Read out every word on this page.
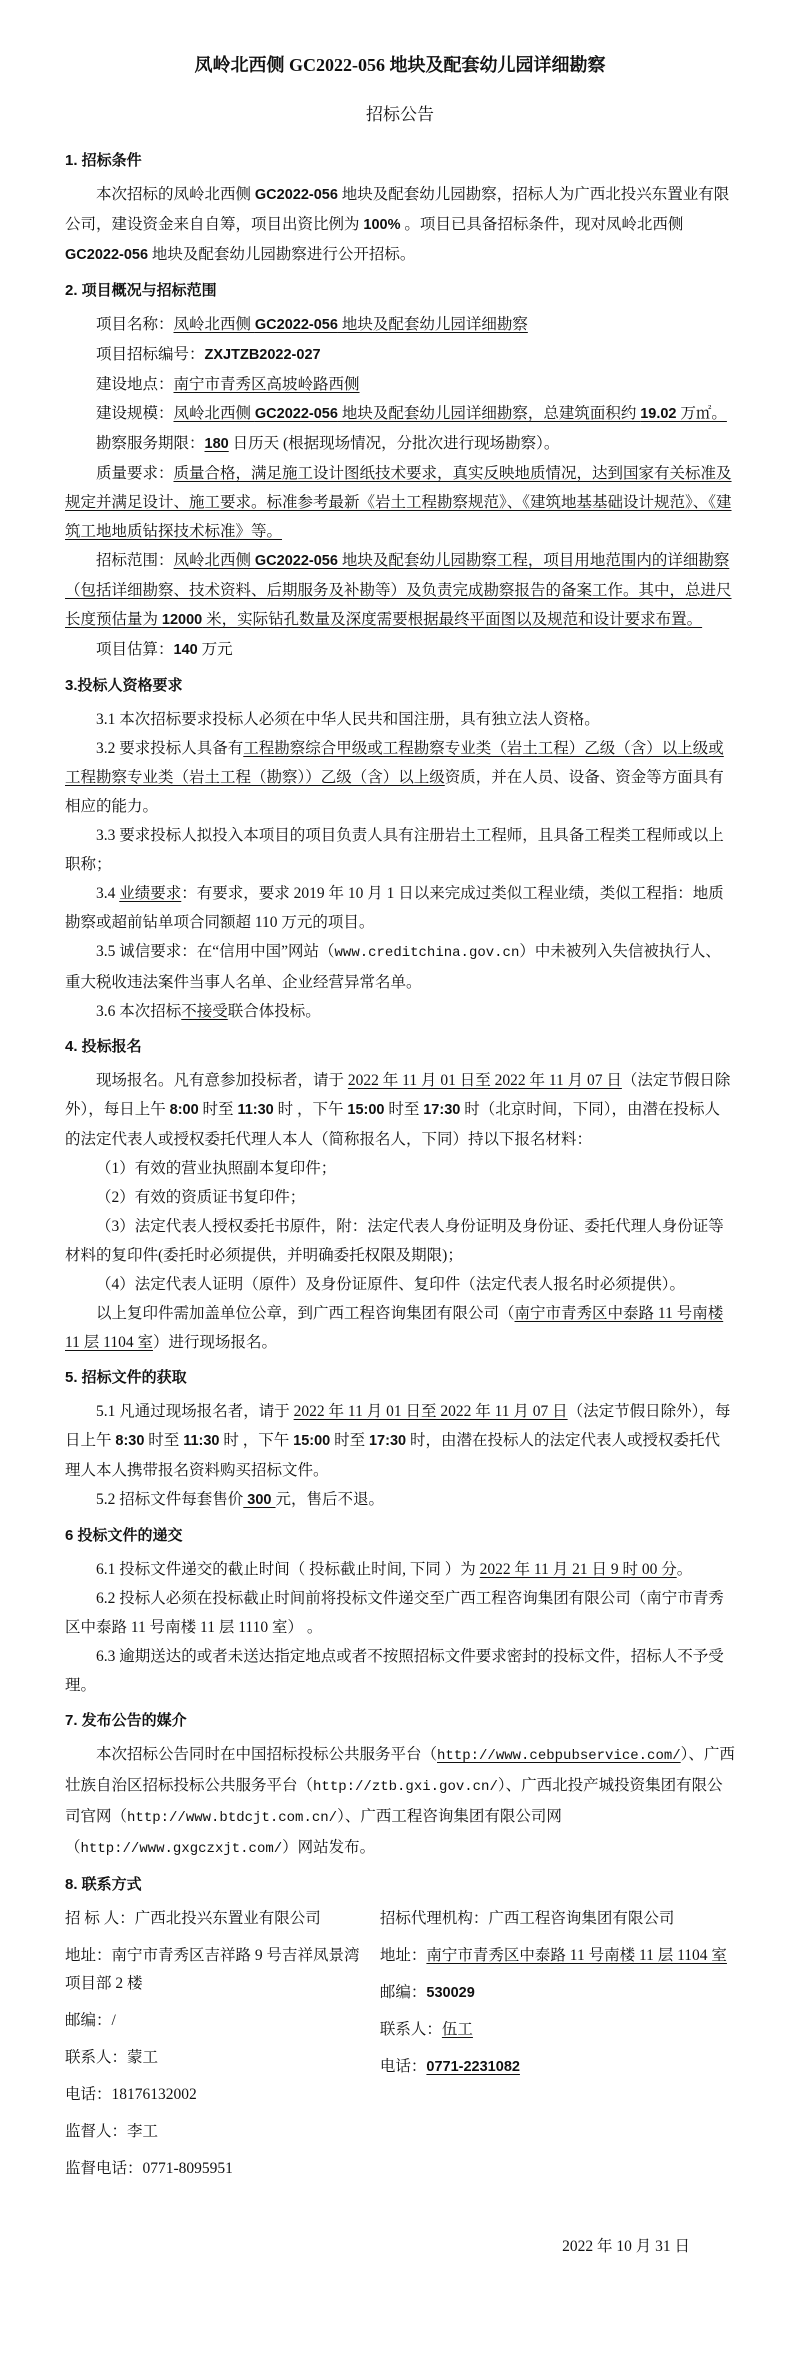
凤岭北西侧 GC2022-056 地块及配套幼儿园详细勘察
招标公告

1. 招标条件

本次招标的凤岭北西侧 GC2022-056 地块及配套幼儿园勘察，招标人为广西北投兴东置业有限公司，建设资金来自自筹，项目出资比例为 100% 。项目已具备招标条件，现对凤岭北西侧 GC2022-056 地块及配套幼儿园勘察进行公开招标。

2. 项目概况与招标范围

项目名称：凤岭北西侧 GC2022-056 地块及配套幼儿园详细勘察

项目招标编号：ZXJTZB2022-027

建设地点：南宁市青秀区高坡岭路西侧

建设规模：凤岭北西侧 GC2022-056 地块及配套幼儿园详细勘察，总建筑面积约 19.02 万㎡。

勘察服务期限：180 日历天 (根据现场情况，分批次进行现场勘察）。

质量要求：质量合格，满足施工设计图纸技术要求，真实反映地质情况，达到国家有关标准及规定并满足设计、施工要求。标准参考最新《岩土工程勘察规范》、《建筑地基基础设计规范》、《建筑工地地质钻探技术标准》等。

招标范围：凤岭北西侧 GC2022-056 地块及配套幼儿园勘察工程，项目用地范围内的详细勘察（包括详细勘察、技术资料、后期服务及补勘等）及负责完成勘察报告的备案工作。其中，总进尺长度预估量为 12000 米，实际钻孔数量及深度需要根据最终平面图以及规范和设计要求布置。

项目估算：140 万元

3.投标人资格要求

3.1 本次招标要求投标人必须在中华人民共和国注册，具有独立法人资格。

3.2 要求投标人具备有工程勘察综合甲级或工程勘察专业类（岩土工程）乙级（含）以上级或工程勘察专业类（岩土工程（勘察））乙级（含）以上级资质，并在人员、设备、资金等方面具有相应的能力。

3.3 要求投标人拟投入本项目的项目负责人具有注册岩土工程师，且具备工程类工程师或以上职称；

3.4 业绩要求：有要求，要求 2019 年 10 月 1 日以来完成过类似工程业绩，类似工程指：地质勘察或超前钻单项合同额超 110 万元的项目。

3.5 诚信要求：在“信用中国”网站（www.creditchina.gov.cn）中未被列入失信被执行人、重大税收违法案件当事人名单、企业经营异常名单。

3.6 本次招标不接受联合体投标。

4. 投标报名

现场报名。凡有意参加投标者，请于 2022 年 11 月 01 日至 2022 年 11 月 07 日（法定节假日除外），每日上午 8:00 时至 11:30 时 ，下午 15:00 时至 17:30 时（北京时间，下同），由潜在投标人的法定代表人或授权委托代理人本人（简称报名人，下同）持以下报名材料：

（1）有效的营业执照副本复印件；

（2）有效的资质证书复印件；

（3）法定代表人授权委托书原件，附：法定代表人身份证明及身份证、委托代理人身份证等材料的复印件(委托时必须提供，并明确委托权限及期限)；

（4）法定代表人证明（原件）及身份证原件、复印件（法定代表人报名时必须提供）。

以上复印件需加盖单位公章，到广西工程咨询集团有限公司（南宁市青秀区中泰路 11 号南楼 11 层 1104 室）进行现场报名。

5. 招标文件的获取

5.1 凡通过现场报名者，请于 2022 年 11 月 01 日至 2022 年 11 月 07 日（法定节假日除外），每日上午 8:30 时至 11:30 时 ，下午 15:00 时至 17:30 时，由潜在投标人的法定代表人或授权委托代理人本人携带报名资料购买招标文件。

5.2 招标文件每套售价 300 元，售后不退。

6 投标文件的递交

6.1 投标文件递交的截止时间（ 投标截止时间, 下同 ）为 2022 年 11 月 21 日 9 时 00 分。

6.2 投标人必须在投标截止时间前将投标文件递交至广西工程咨询集团有限公司（南宁市青秀区中泰路 11 号南楼 11 层 1110 室） 。

6.3 逾期送达的或者未送达指定地点或者不按照招标文件要求密封的投标文件，招标人不予受理。

7. 发布公告的媒介

本次招标公告同时在中国招标投标公共服务平台（http://www.cebpubservice.com/）、广西壮族自治区招标投标公共服务平台（http://ztb.gxi.gov.cn/）、广西北投产城投资集团有限公司官网（http://www.btdcjt.com.cn/）、广西工程咨询集团有限公司网（http://www.gxgczxjt.com/）网站发布。

8. 联系方式

招 标 人：广西北投兴东置业有限公司
地址：南宁市青秀区吉祥路 9 号吉祥凤景湾项目部 2 楼
邮编：/
联系人：蒙工
电话：18176132002
监督人：李工
监督电话：0771-8095951
招标代理机构：广西工程咨询集团有限公司
地址：南宁市青秀区中泰路 11 号南楼 11 层 1104 室
邮编：530029
联系人：伍工
电话：0771-2231082

2022 年 10 月 31 日
